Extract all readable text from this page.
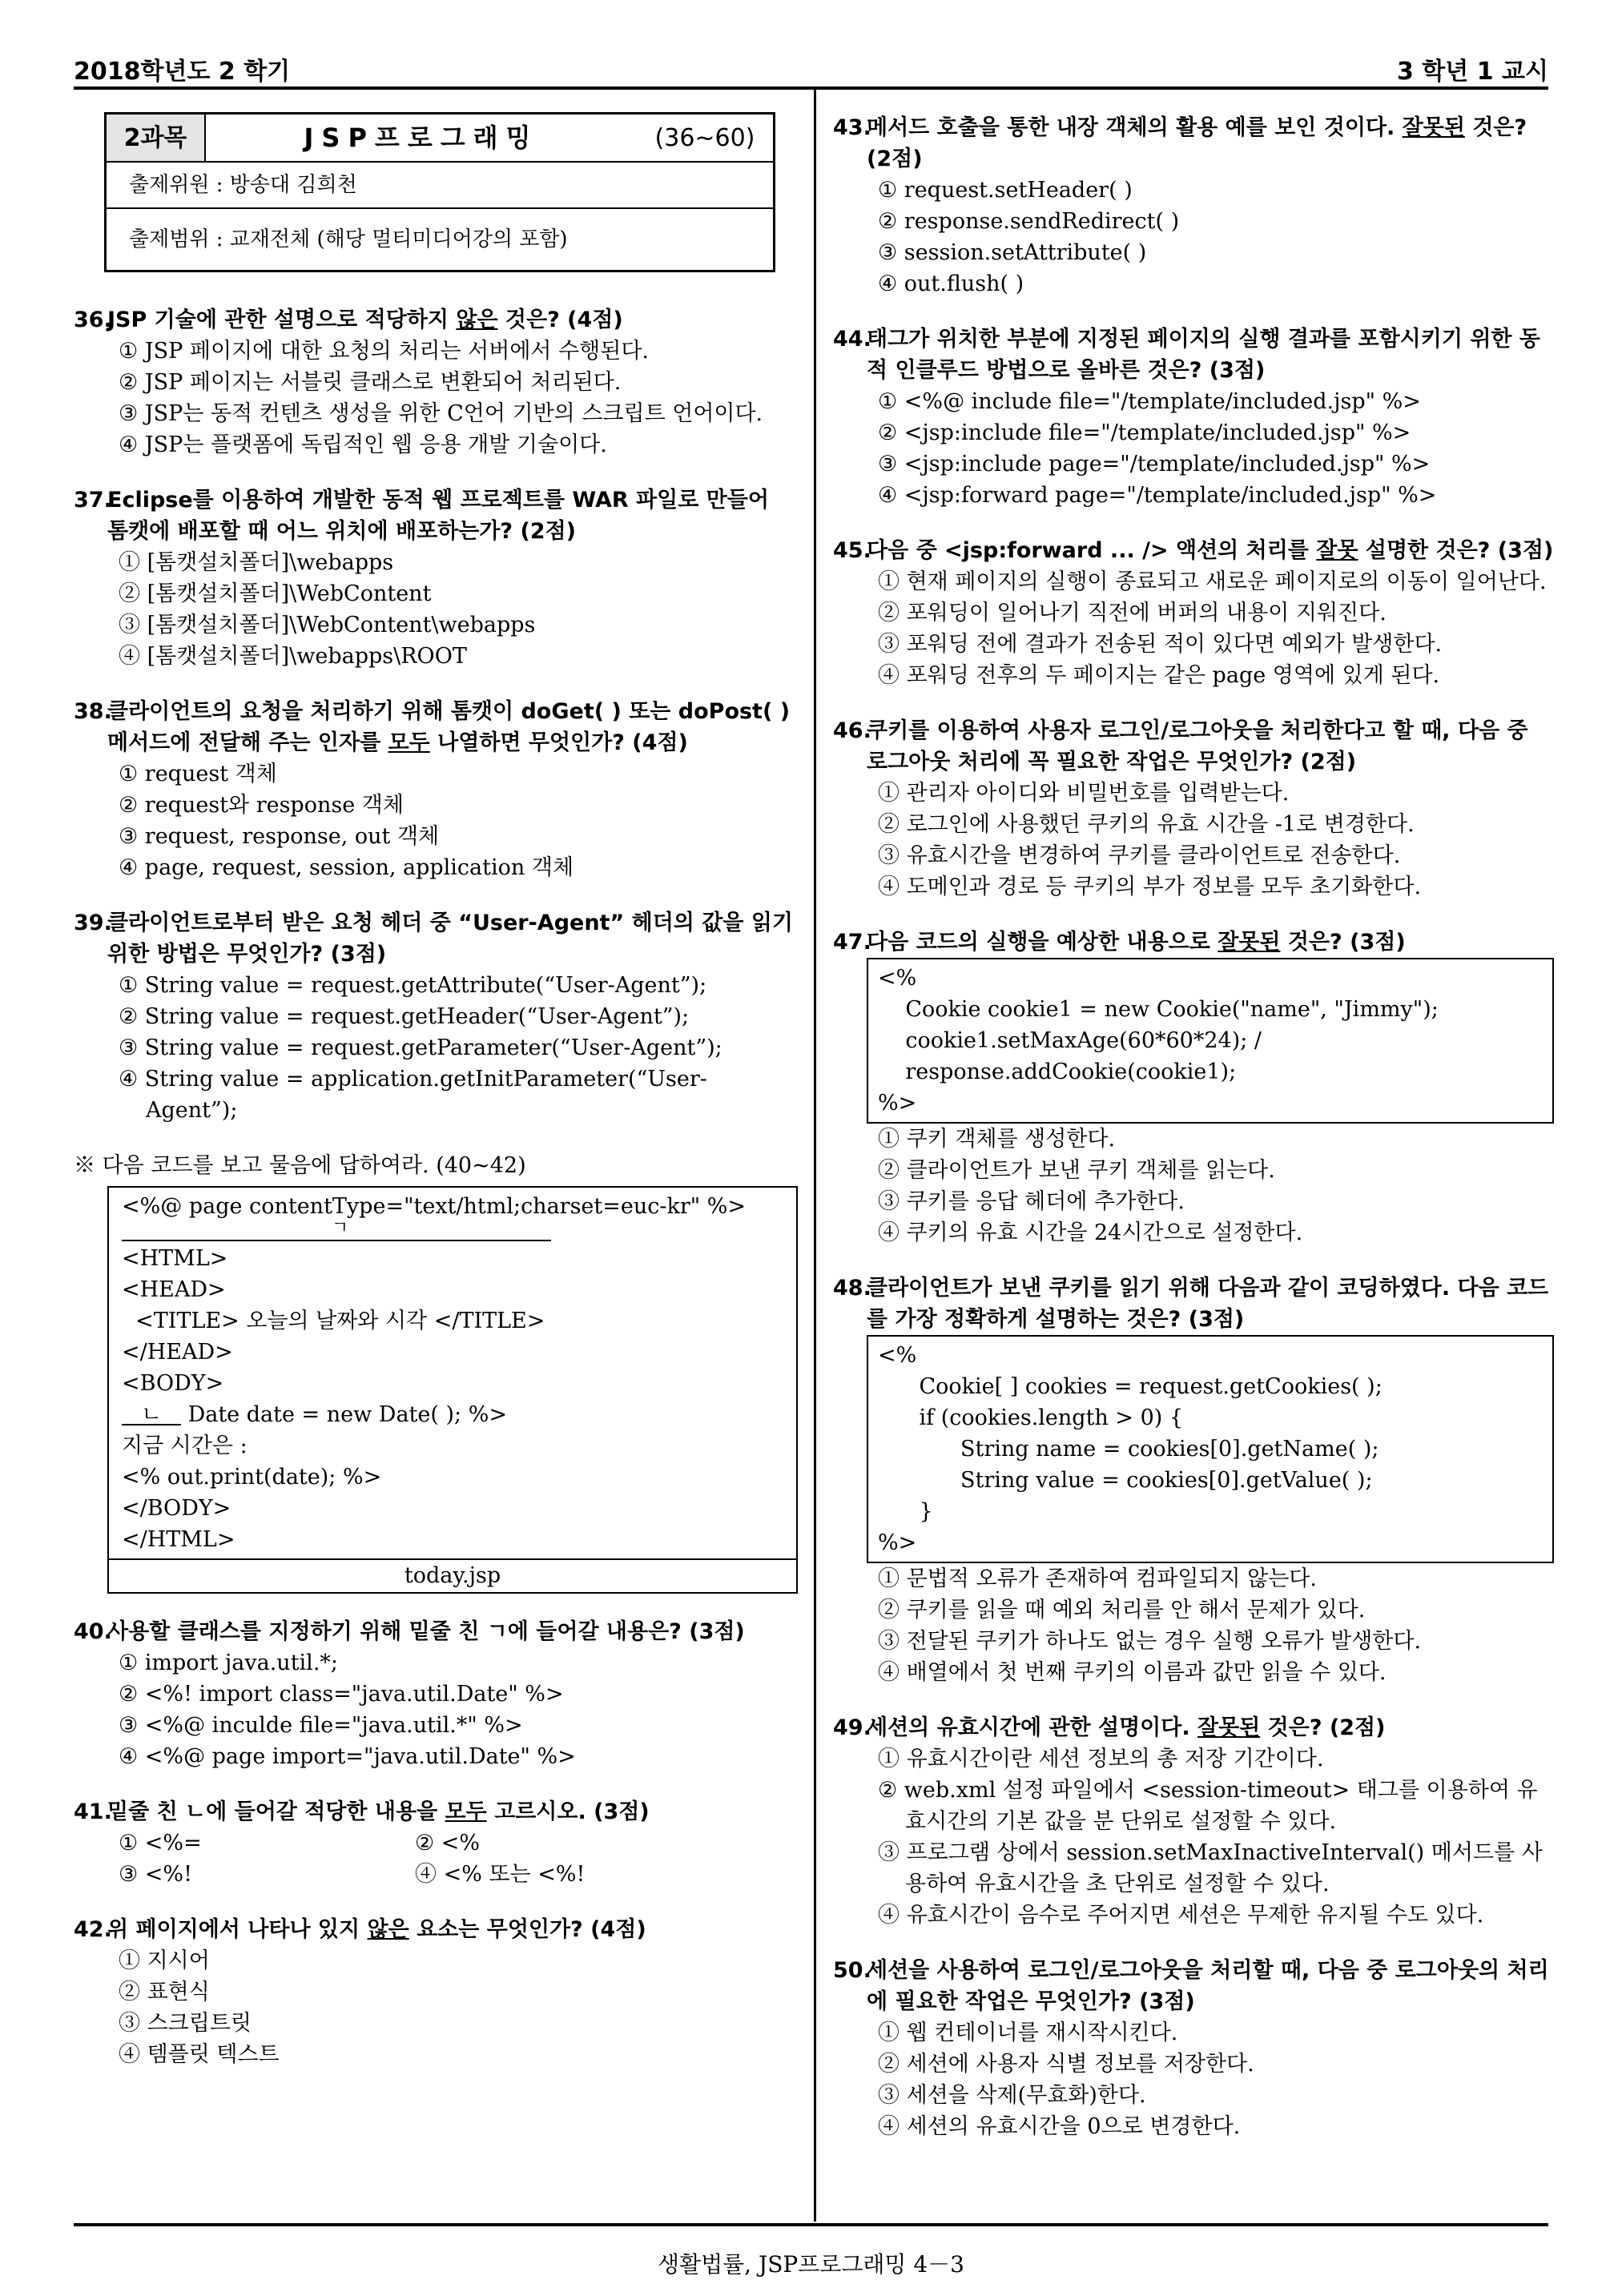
2018학년도 2 학기	3 학년 1 교시
2과목	JSP프로그래밍	(36∼60)
출제위원 : 방송대 김희천
출제범위 : 교재전체 (해당 멀티미디어강의 포함)
36.JSP 기술에 관한 설명으로 적당하지 않은 것은? (4점)
① JSP 페이지에 대한 요청의 처리는 서버에서 수행된다.
② JSP 페이지는 서블릿 클래스로 변환되어 처리된다.
③ JSP는 동적 컨텐츠 생성을 위한 C언어 기반의 스크립트 언어이다.
④ JSP는 플랫폼에 독립적인 웹 응용 개발 기술이다.
37.Eclipse를 이용하여 개발한 동적 웹 프로젝트를 WAR 파일로 만들어 톰캣에 배포할 때 어느 위치에 배포하는가? (2점)
① [톰캣설치폴더]\webapps
② [톰캣설치폴더]\WebContent
③ [톰캣설치폴더]\WebContent\webapps
④ [톰캣설치폴더]\webapps\ROOT
38.클라이언트의 요청을 처리하기 위해 톰캣이 doGet( ) 또는 doPost( ) 메서드에 전달해 주는 인자를 모두 나열하면 무엇인가? (4점)
① request 객체
② request와 response 객체
③ request, response, out 객체
④ page, request, session, application 객체
39.클라이언트로부터 받은 요청 헤더 중 “User-Agent” 헤더의 값을 읽기 위한 방법은 무엇인가? (3점)
① String value = request.getAttribute(“User-Agent”);
② String value = request.getHeader(“User-Agent”);
③ String value = request.getParameter(“User-Agent”);
④ String value = application.getInitParameter(“User-Agent”);
※ 다음 코드를 보고 물음에 답하여라. (40∼42)
<%@ page contentType="text/html;charset=euc-kr" %>
ㄱ
<HTML>
<HEAD>
<TITLE> 오늘의 날짜와 시각 </TITLE>
</HEAD>
<BODY>
ㄴ Date date = new Date( ); %>
지금 시간은 :
<% out.print(date); %>
</BODY>
</HTML>
today.jsp
40.사용할 클래스를 지정하기 위해 밑줄 친 ㄱ에 들어갈 내용은? (3점)
① import java.util.*;
② <%! import class="java.util.Date" %>
③ <%@ inculde file="java.util.*" %>
④ <%@ page import="java.util.Date" %>
41.밑줄 친 ㄴ에 들어갈 적당한 내용을 모두 고르시오. (3점)
① <%=	② <%
③ <%!	④ <% 또는 <%!
42.위 페이지에서 나타나 있지 않은 요소는 무엇인가? (4점)
① 지시어
② 표현식
③ 스크립트릿
④ 템플릿 텍스트
43.메서드 호출을 통한 내장 객체의 활용 예를 보인 것이다. 잘못된 것은? (2점)
① request.setHeader( )
② response.sendRedirect( )
③ session.setAttribute( )
④ out.flush( )
44.태그가 위치한 부분에 지정된 페이지의 실행 결과를 포함시키기 위한 동적 인클루드 방법으로 올바른 것은? (3점)
① <%@ include file="/template/included.jsp" %>
② <jsp:include file="/template/included.jsp" %>
③ <jsp:include page="/template/included.jsp" %>
④ <jsp:forward page="/template/included.jsp" %>
45.다음 중 <jsp:forward ... /> 액션의 처리를 잘못 설명한 것은? (3점)
① 현재 페이지의 실행이 종료되고 새로운 페이지로의 이동이 일어난다.
② 포워딩이 일어나기 직전에 버퍼의 내용이 지워진다.
③ 포워딩 전에 결과가 전송된 적이 있다면 예외가 발생한다.
④ 포워딩 전후의 두 페이지는 같은 page 영역에 있게 된다.
46.쿠키를 이용하여 사용자 로그인/로그아웃을 처리한다고 할 때, 다음 중 로그아웃 처리에 꼭 필요한 작업은 무엇인가? (2점)
① 관리자 아이디와 비밀번호를 입력받는다.
② 로그인에 사용했던 쿠키의 유효 시간을 -1로 변경한다.
③ 유효시간을 변경하여 쿠키를 클라이언트로 전송한다.
④ 도메인과 경로 등 쿠키의 부가 정보를 모두 초기화한다.
47.다음 코드의 실행을 예상한 내용으로 잘못된 것은? (3점)
<%
Cookie cookie1 = new Cookie("name", "Jimmy");
cookie1.setMaxAge(60*60*24); /
response.addCookie(cookie1);
%>
① 쿠키 객체를 생성한다.
② 클라이언트가 보낸 쿠키 객체를 읽는다.
③ 쿠키를 응답 헤더에 추가한다.
④ 쿠키의 유효 시간을 24시간으로 설정한다.
48.클라이언트가 보낸 쿠키를 읽기 위해 다음과 같이 코딩하였다. 다음 코드를 가장 정확하게 설명하는 것은? (3점)
<%
Cookie[ ] cookies = request.getCookies( );
if (cookies.length > 0) {
String name = cookies[0].getName( );
String value = cookies[0].getValue( );
}
%>
① 문법적 오류가 존재하여 컴파일되지 않는다.
② 쿠키를 읽을 때 예외 처리를 안 해서 문제가 있다.
③ 전달된 쿠키가 하나도 없는 경우 실행 오류가 발생한다.
④ 배열에서 첫 번째 쿠키의 이름과 값만 읽을 수 있다.
49.세션의 유효시간에 관한 설명이다. 잘못된 것은? (2점)
① 유효시간이란 세션 정보의 총 저장 기간이다.
② web.xml 설정 파일에서 <session-timeout> 태그를 이용하여 유효시간의 기본 값을 분 단위로 설정할 수 있다.
③ 프로그램 상에서 session.setMaxInactiveInterval() 메서드를 사용하여 유효시간을 초 단위로 설정할 수 있다.
④ 유효시간이 음수로 주어지면 세션은 무제한 유지될 수도 있다.
50.세션을 사용하여 로그인/로그아웃을 처리할 때, 다음 중 로그아웃의 처리에 필요한 작업은 무엇인가? (3점)
① 웹 컨테이너를 재시작시킨다.
② 세션에 사용자 식별 정보를 저장한다.
③ 세션을 삭제(무효화)한다.
④ 세션의 유효시간을 0으로 변경한다.
생활법률, JSP프로그래밍 4－3
